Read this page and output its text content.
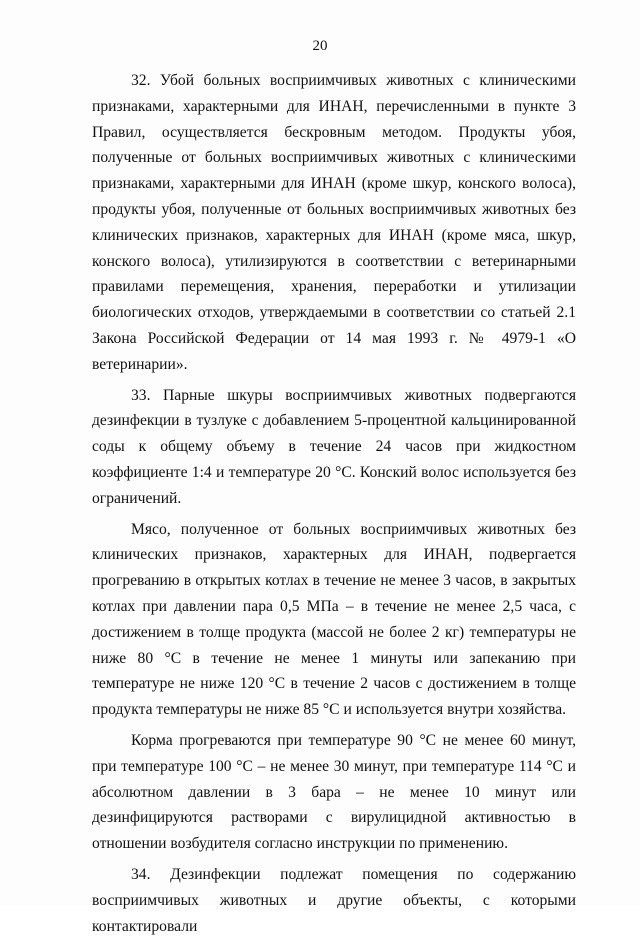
20

32. Убой больных восприимчивых животных с клиническими признаками, характерными для ИНАН, перечисленными в пункте 3 Правил, осуществляется бескровным методом. Продукты убоя, полученные от больных восприимчивых животных с клиническими признаками, характерными для ИНАН (кроме шкур, конского волоса), продукты убоя, полученные от больных восприимчивых животных без клинических признаков, характерных для ИНАН (кроме мяса, шкур, конского волоса), утилизируются в соответствии с ветеринарными правилами перемещения, хранения, переработки и утилизации биологических отходов, утверждаемыми в соответствии со статьей 2.1 Закона Российской Федерации от 14 мая 1993 г. № 4979-1 «О ветеринарии».

33. Парные шкуры восприимчивых животных подвергаются дезинфекции в тузлуке с добавлением 5-процентной кальцинированной соды к общему объему в течение 24 часов при жидкостном коэффициенте 1:4 и температуре 20 °С. Конский волос используется без ограничений.

Мясо, полученное от больных восприимчивых животных без клинических признаков, характерных для ИНАН, подвергается прогреванию в открытых котлах в течение не менее 3 часов, в закрытых котлах при давлении пара 0,5 МПа – в течение не менее 2,5 часа, с достижением в толще продукта (массой не более 2 кг) температуры не ниже 80 °С в течение не менее 1 минуты или запеканию при температуре не ниже 120 °С в течение 2 часов с достижением в толще продукта температуры не ниже 85 °С и используется внутри хозяйства.

Корма прогреваются при температуре 90 °С не менее 60 минут, при температуре 100 °С – не менее 30 минут, при температуре 114 °С и абсолютном давлении в 3 бара – не менее 10 минут или дезинфицируются растворами с вирулицидной активностью в отношении возбудителя согласно инструкции по применению.

34. Дезинфекции подлежат помещения по содержанию восприимчивых животных и другие объекты, с которыми контактировали
